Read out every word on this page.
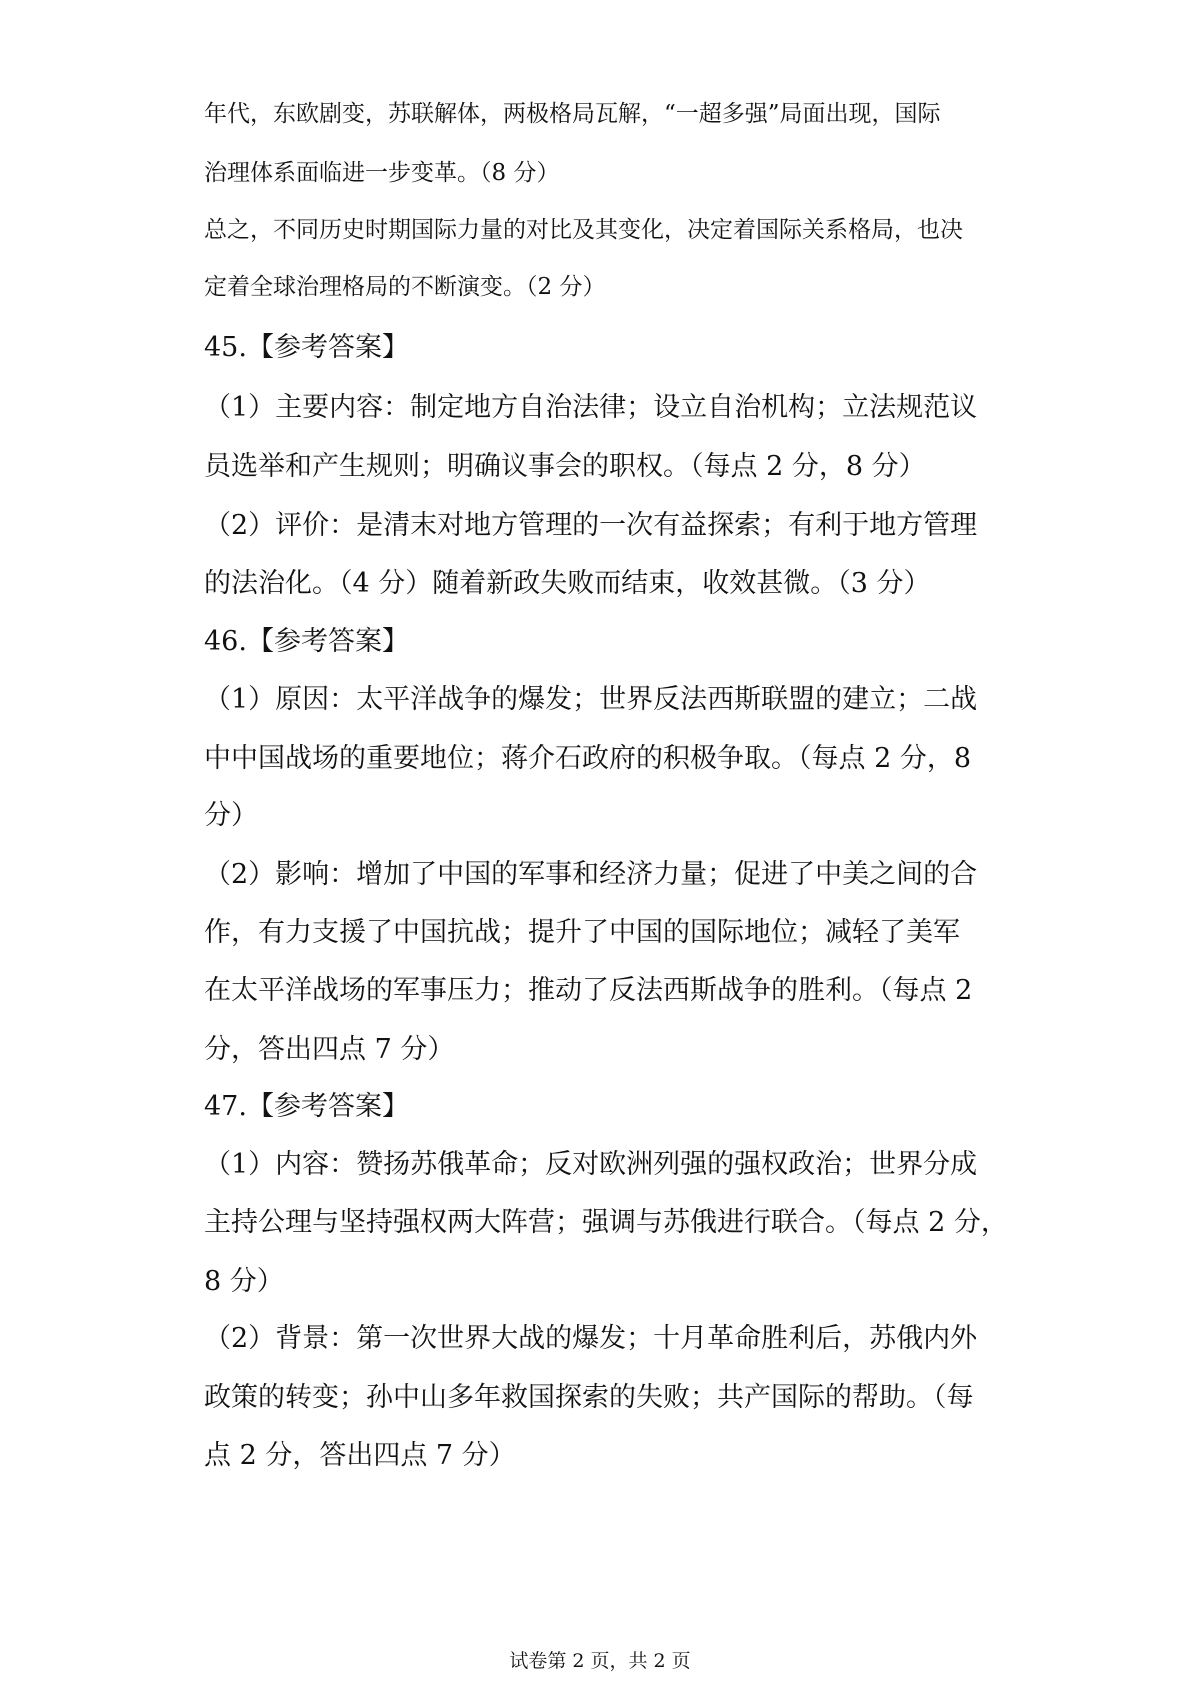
年代，东欧剧变，苏联解体，两极格局瓦解，“一超多强”局面出现，国际
治理体系面临进一步变革。（8 分）
总之，不同历史时期国际力量的对比及其变化，决定着国际关系格局，也决
定着全球治理格局的不断演变。（2 分）
45.【参考答案】
（1）主要内容：制定地方自治法律；设立自治机构；立法规范议
员选举和产生规则；明确议事会的职权。（每点 2 分，8 分）
（2）评价：是清末对地方管理的一次有益探索；有利于地方管理
的法治化。（4 分）随着新政失败而结束，收效甚微。（3 分）
46.【参考答案】
（1）原因：太平洋战争的爆发；世界反法西斯联盟的建立；二战
中中国战场的重要地位；蒋介石政府的积极争取。（每点 2 分，8
分）
（2）影响：增加了中国的军事和经济力量；促进了中美之间的合
作，有力支援了中国抗战；提升了中国的国际地位；减轻了美军
在太平洋战场的军事压力；推动了反法西斯战争的胜利。（每点 2
分，答出四点 7 分）
47.【参考答案】
（1）内容：赞扬苏俄革命；反对欧洲列强的强权政治；世界分成
主持公理与坚持强权两大阵营；强调与苏俄进行联合。（每点 2 分，
8 分）
（2）背景：第一次世界大战的爆发；十月革命胜利后，苏俄内外
政策的转变；孙中山多年救国探索的失败；共产国际的帮助。（每
点 2 分，答出四点 7 分）
试卷第 2 页，共 2 页
